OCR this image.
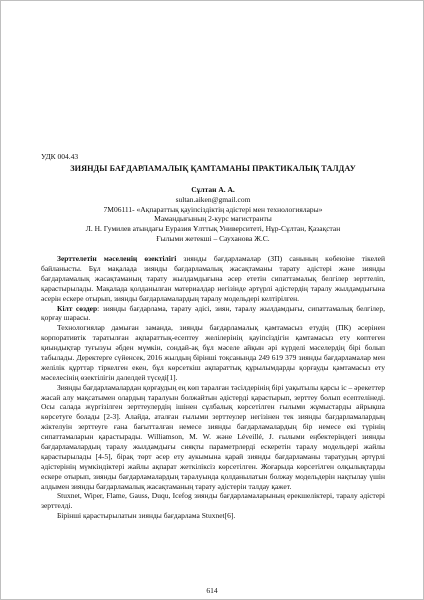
УДК 004.43

ЗИЯНДЫ БАҒДАРЛАМАЛЫҚ ҚАМТАМАНЫ ПРАКТИКАЛЫҚ ТАЛДАУ

Сұлтан А. А.

sultan.aiken@gmail.com

7M06111- «Ақпараттық қауіпсіздіктің әдістері мен технологиялары»

Мамандығының 2-курс магистранты

Л. Н. Гумилев атындағы Еуразия Ұлттық Университеті, Нұр-Сұлтан, Қазақстан

Ғылыми жетекші – Сауханова Ж.С.

Зерттелетін мәселенің өзектілігі зиянды бағдарламалар (ЗП) санының көбеюіне тікелей байланысты. Бұл мақалада зиянды бағдарламалық жасақтаманы тарату әдістері және зиянды бағдарламалық жасақтаманың тарату жылдамдығына әсер ететін сипаттамалық белгілер зерттеліп, қарастырылады. Мақалада қолданылған материалдар негізінде әртүрлі әдістердің таралу жылдамдығына әсерін ескере отырып, зиянды бағдарламалардың таралу модельдері келтірілген.

Кілт сөздер: зиянды бағдарлама, тарату әдісі, зиян, таралу жылдамдығы, сипаттамалық белгілер, қорғау шарасы.

Технологиялар дамыған заманда, зиянды бағдарламалық қамтамасыз етудің (ПК) әсерінен корпоративтік таратылған ақпараттық-есептеу желілерінің қауіпсіздігін қамтамасыз ету көптеген қиындықтар туғызуы әбден мүмкін, сондай-ақ бұл мәселе айқын әрі күрделі мәселердің бірі болып табылады. Деректерге сүйенсек, 2016 жылдың бірінші тоқсанында 249 619 379 зиянды бағдарламалар мен желілік құрттар тіркелген екен, бұл көрсеткіш ақпараттық құрылымдарды қорғауды қамтамасыз ету мәселесінің өзектілігін дәлелдей түседі[1].

Зиянды бағдарламалардан қорғаудың ең көп таралған тәсілдерінің бірі уақытылы қарсы іс – әрекеттер жасай алу мақсатымен олардың таралуын болжайтын әдістерді қарастырып, зерттеу болып есептелінеді. Осы салада жүргізілген зерттеулердің ішінен сұлбалық көрсетілген ғылыми жұмыстарды айрықша көрсетуге болады [2-3]. Алайда, аталған ғылыми зерттеулер негізінен тек зиянды бағдарламалардың жіктелуін зерттеуге ғана бағытталған немесе зиянды бағдарламалардың бір немесе екі түрінің сипаттамаларын қарастырады. Williamson, M. W. және Léveillé, J. ғылыми еңбектеріндегі зиянды бағдарламалардың таралу жылдамдығы сияқты параметрлерді ескеретін таралу модельдері жайлы қарастырылады [4-5], бірақ төрт әсер ету аукымына қарай зиянды бағдарламаны таратудың әртүрлі әдістерінің мүмкіндіктері жайлы ақпарат жеткіліксіз көрсетілген. Жоғарыда көрсетілген олқылықтарды ескере отырып, зиянды бағдарламалардың таралуында қолданылатын болжау модельдерін нақтылау үшін алдымен зиянды бағдарламалық жасақтаманың тарату әдістерін талдау қажет.

Stuxnet, Wiper, Flame, Gauss, Duqu, Icefog зиянды бағдарламаларының ерекшеліктері, таралу әдістері зерттелді.

Бірінші қарастырылатын зиянды бағдарлама Stuxnet[6].

614
